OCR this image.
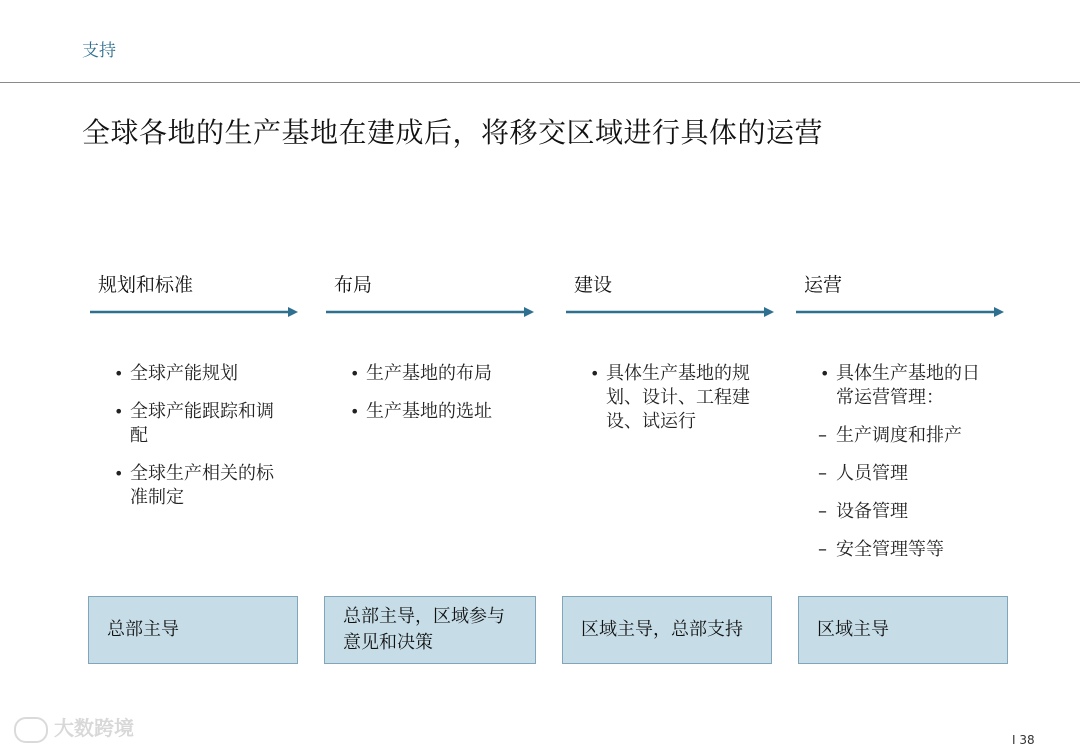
支持
全球各地的生产基地在建成后，将移交区域进行具体的运营
规划和标准
• 全球产能规划
• 全球产能跟踪和调配
• 全球生产相关的标准制定
布局
• 生产基地的布局
• 生产基地的选址
建设
• 具体生产基地的规划、设计、工程建设、试运行
运营
• 具体生产基地的日常运营管理：
– 生产调度和排产
– 人员管理
– 设备管理
– 安全管理等等
总部主导
总部主导，区域参与意见和决策
区域主导，总部支持	区域主导
大数跨境	I 38
